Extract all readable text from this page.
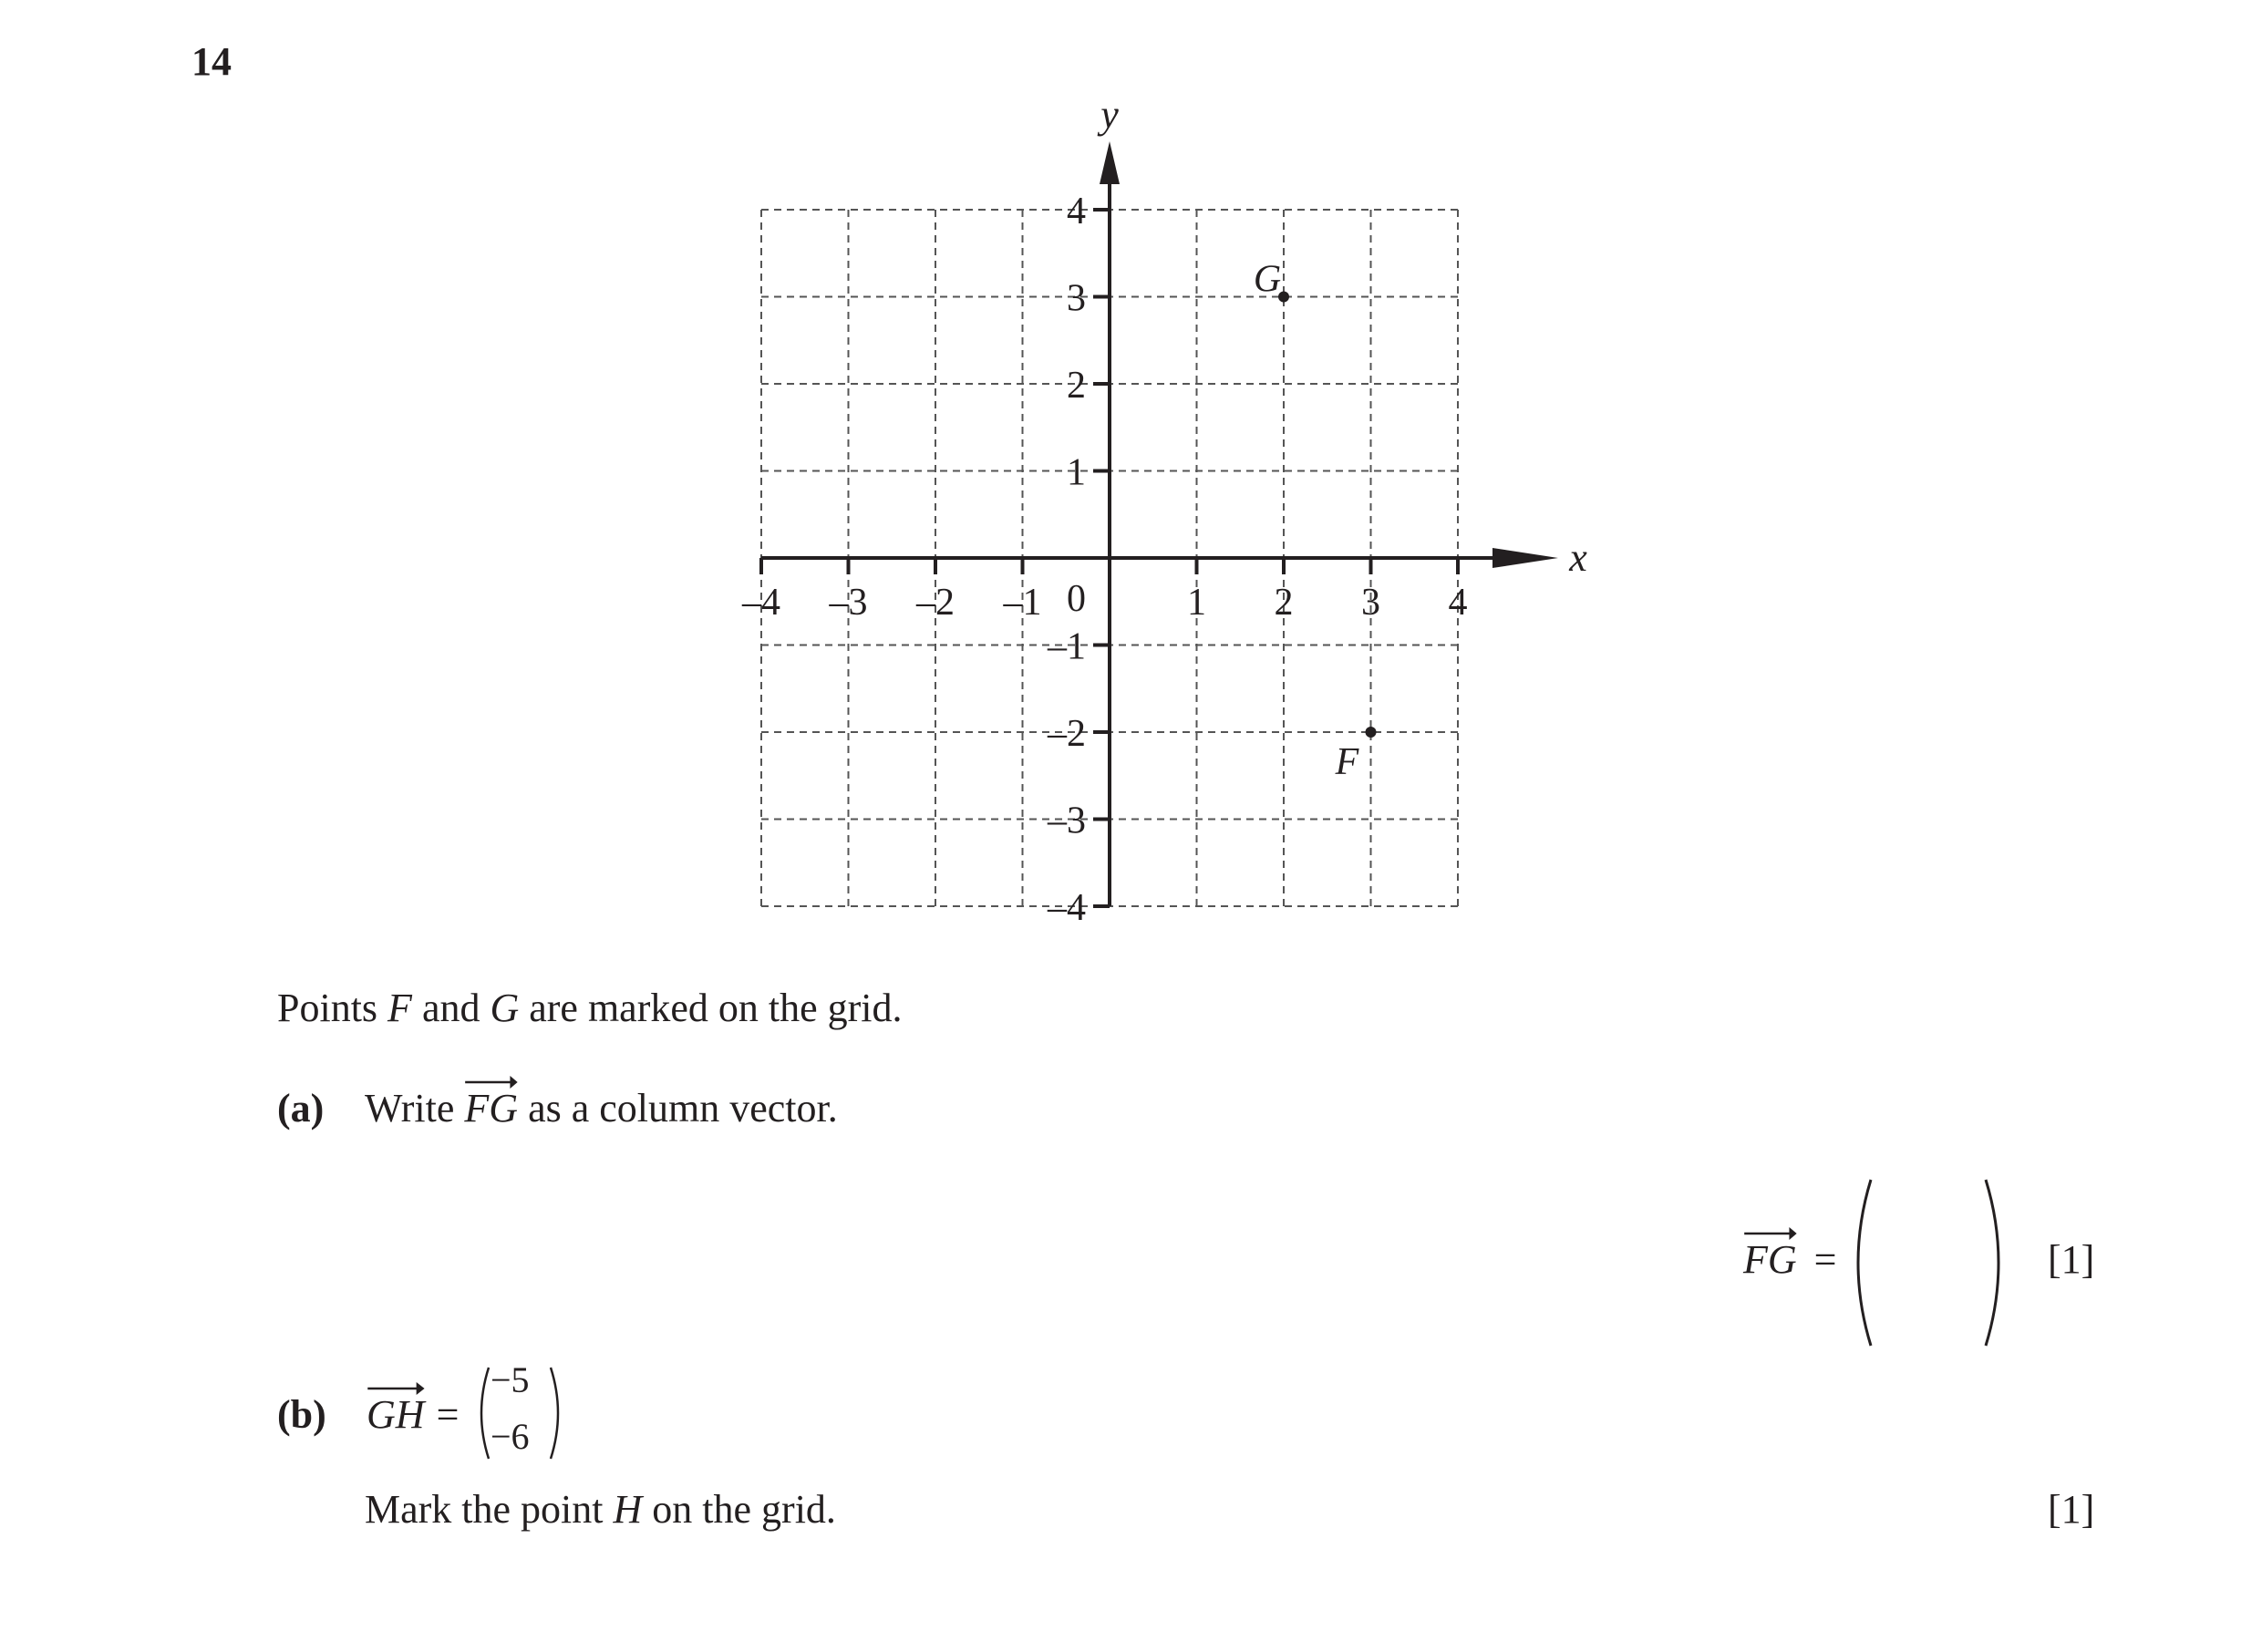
14
–4 –3 –2 –1	1 2 3 4
4
3
2
1
–1
–2
–3
–4
0
x
y
G
F
Points F and G are marked on the grid.
(a) Write
FG as a column vector.
FG =	[1]
(b) GH =
−5
−6
Mark the point H on the grid.	[1]
